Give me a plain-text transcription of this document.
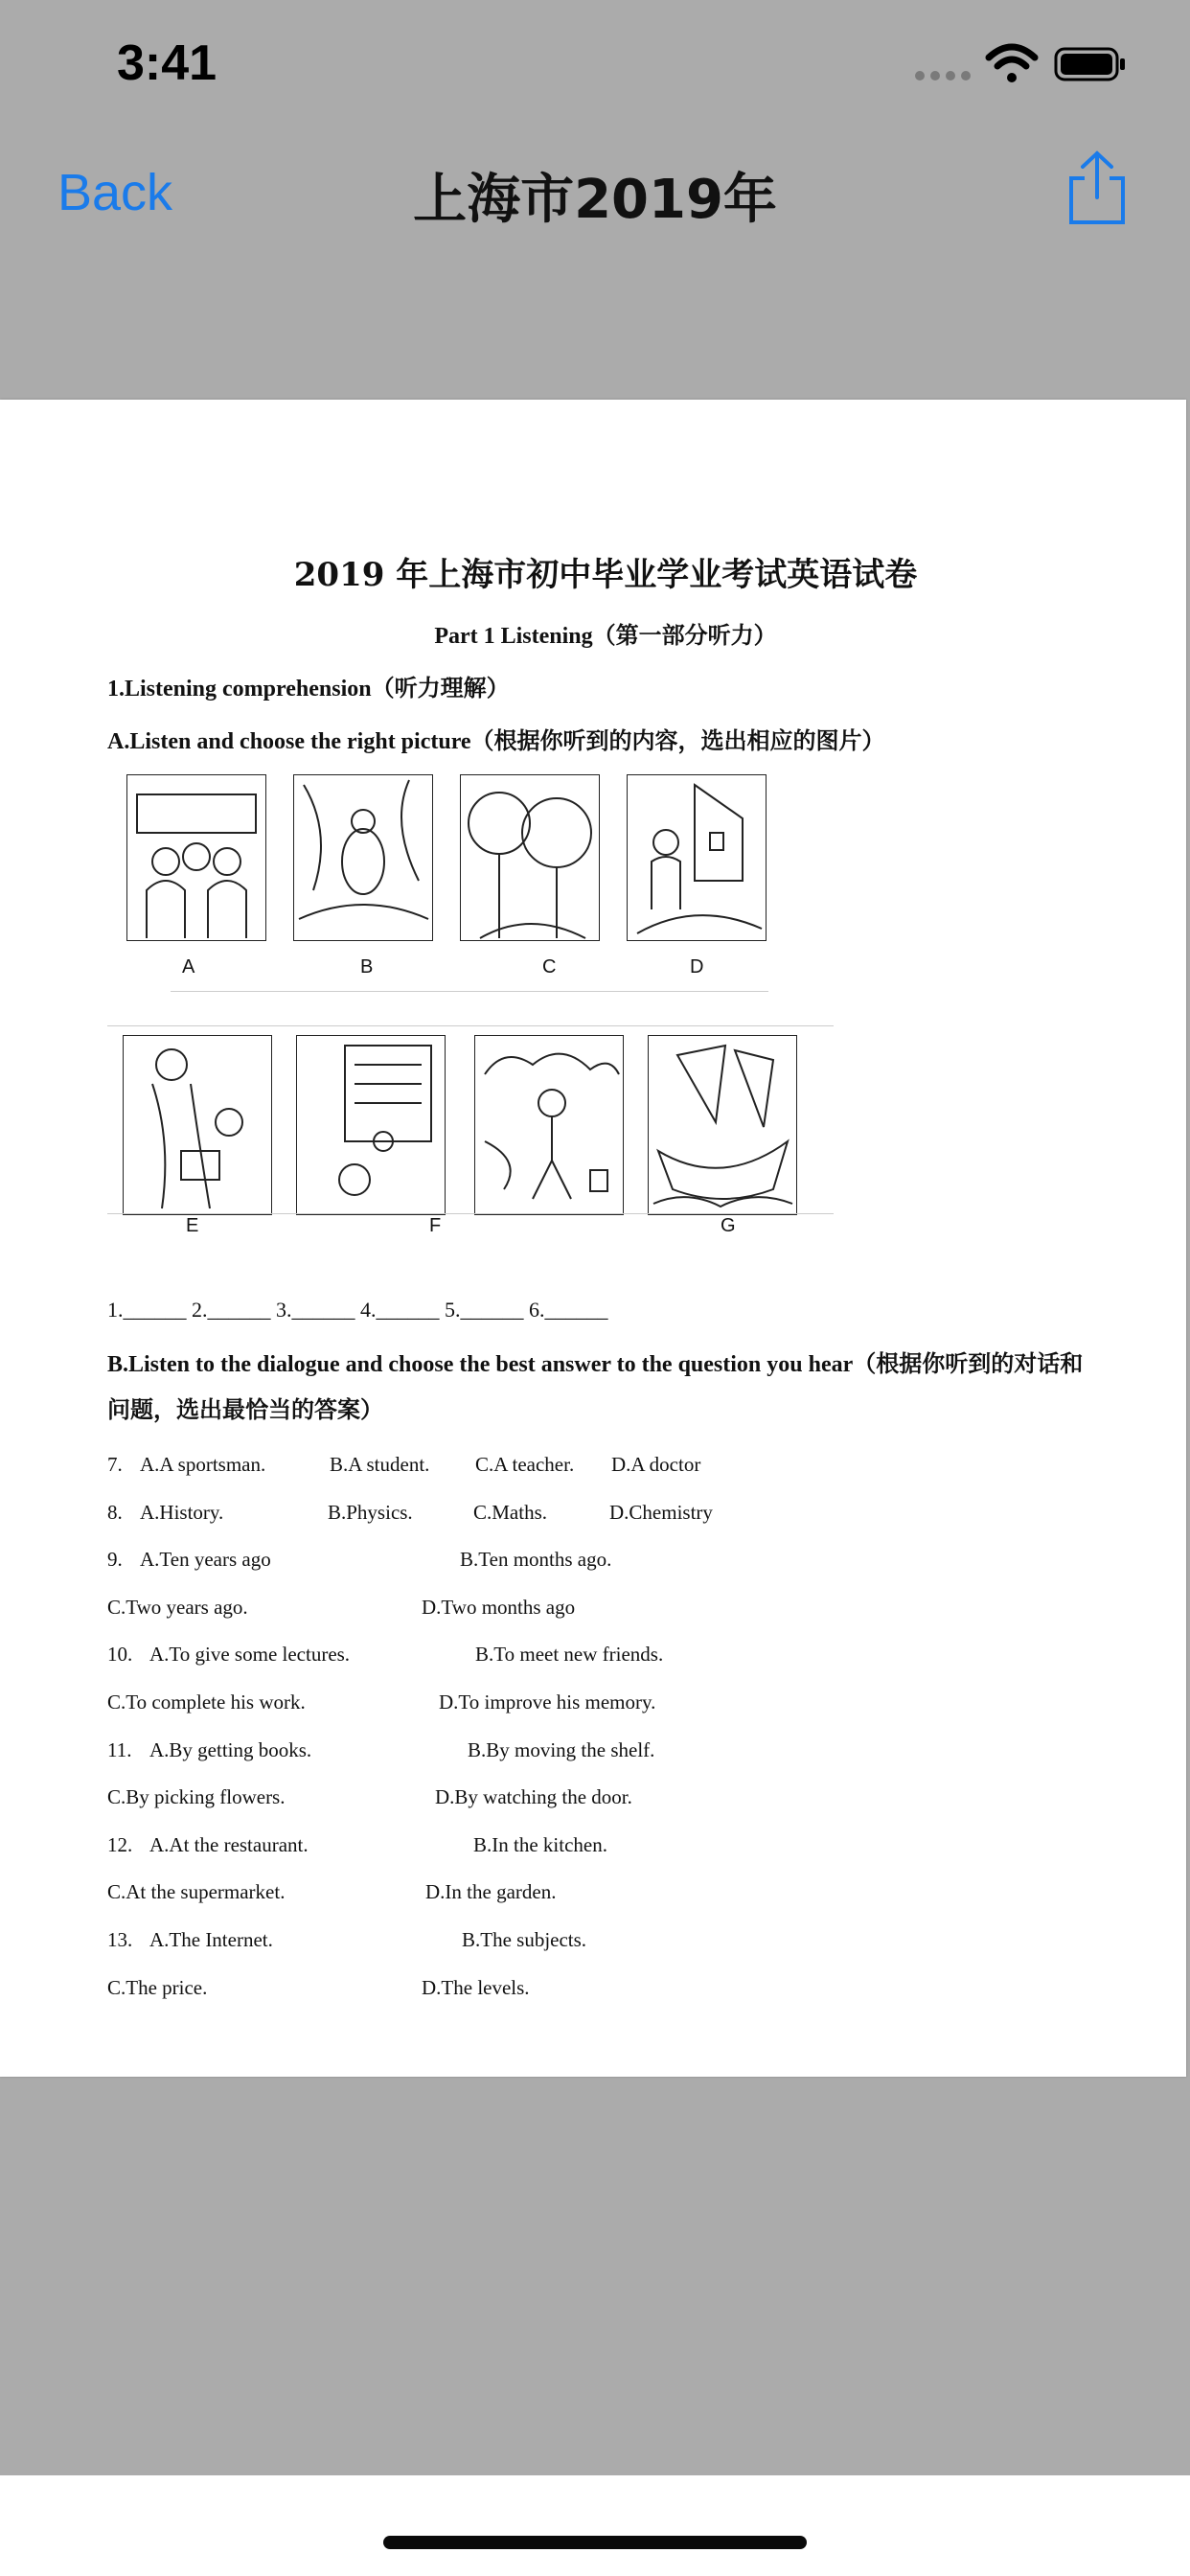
3:41
Back	上海市2019年
2019 年上海市初中毕业学业考试英语试卷
Part 1 Listening（第一部分听力）
1.Listening comprehension（听力理解）
A.Listen and choose the right picture（根据你听到的内容，选出相应的图片）
A	B	C	D
E	F	G
1.______ 2.______ 3.______ 4.______ 5.______ 6.______
B.Listen to the dialogue and choose the best answer to the question you hear（根据你听到的对话和问题，选出最恰当的答案）
7. A.A sportsman.	B.A student. C.A teacher. D.A doctor
8. A.History.	B.Physics.	C.Maths.	D.Chemistry
9. A.Ten years ago	B.Ten months ago.
C.Two years ago.	D.Two months ago
10. A.To give some lectures.	B.To meet new friends.
C.To complete his work.	D.To improve his memory.
11. A.By getting books.	B.By moving the shelf.
C.By picking flowers.	D.By watching the door.
12. A.At the restaurant.	B.In the kitchen.
C.At the supermarket.	D.In the garden.
13. A.The Internet.	B.The subjects.
C.The price.	D.The levels.
